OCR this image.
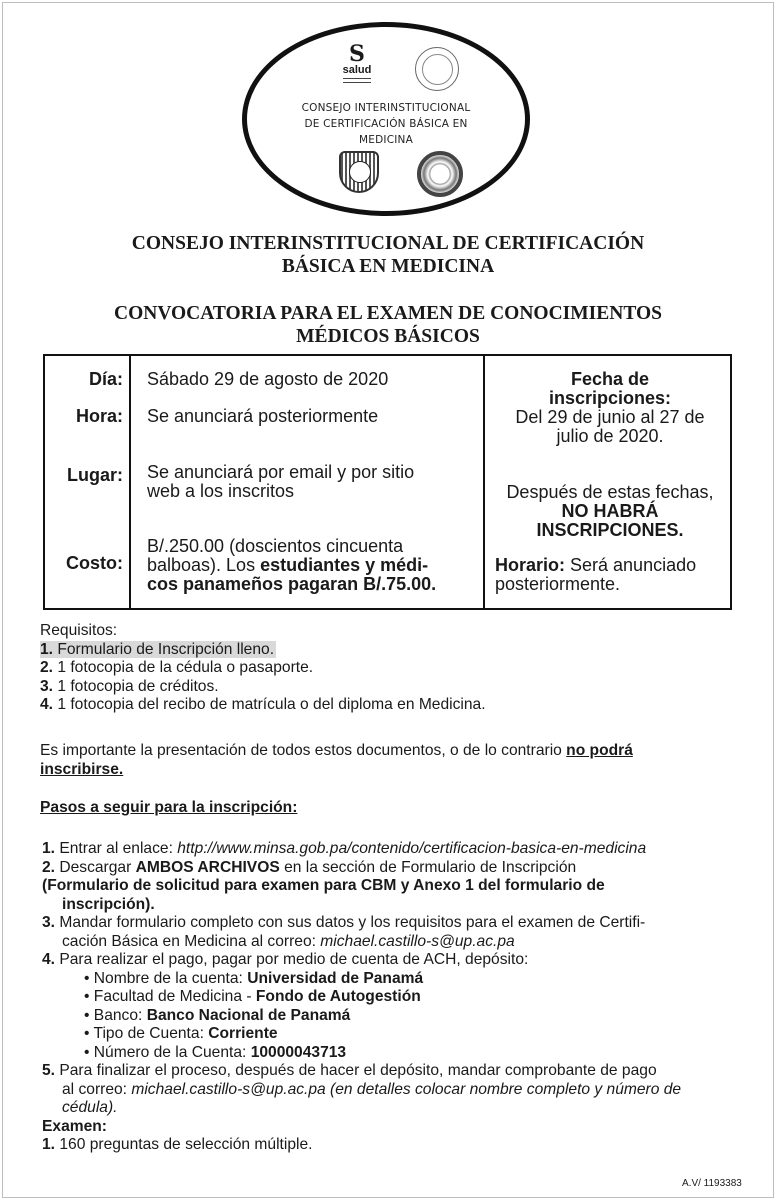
S
salud
CONSEJO INTERINSTITUCIONAL
DE CERTIFICACIÓN BÁSICA EN
MEDICINA
CONSEJO INTERINSTITUCIONAL DE CERTIFICACIÓN
BÁSICA EN MEDICINA
CONVOCATORIA PARA EL EXAMEN DE CONOCIMIENTOS
MÉDICOS BÁSICOS
Día: Sábado 29 de agosto de 2020
Hora: Se anunciará posteriormente
Lugar: Se anunciará por email y por sitio
web a los inscritos
Costo:
B/.250.00 (doscientos cincuenta
balboas). Los estudiantes y médi-
cos panameños pagaran B/.75.00.
Fecha de
inscripciones:
Del 29 de junio al 27 de
julio de 2020.
Después de estas fechas,
NO HABRÁ
INSCRIPCIONES.
Horario: Será anunciado
posteriormente.
Requisitos:
1. Formulario de Inscripción lleno.
2. 1 fotocopia de la cédula o pasaporte.
3. 1 fotocopia de créditos.
4. 1 fotocopia del recibo de matrícula o del diploma en Medicina.
Es importante la presentación de todos estos documentos, o de lo contrario no podrá
inscribirse.
Pasos a seguir para la inscripción:
1. Entrar al enlace: http://www.minsa.gob.pa/contenido/certificacion-basica-en-medicina
2. Descargar AMBOS ARCHIVOS en la sección de Formulario de Inscripción
(Formulario de solicitud para examen para CBM y Anexo 1 del formulario de
inscripción).
3. Mandar formulario completo con sus datos y los requisitos para el examen de Certifi-
cación Básica en Medicina al correo: michael.castillo-s@up.ac.pa
4. Para realizar el pago, pagar por medio de cuenta de ACH, depósito:
• Nombre de la cuenta: Universidad de Panamá
• Facultad de Medicina - Fondo de Autogestión
• Banco: Banco Nacional de Panamá
• Tipo de Cuenta: Corriente
• Número de la Cuenta: 10000043713
5. Para finalizar el proceso, después de hacer el depósito, mandar comprobante de pago
al correo: michael.castillo-s@up.ac.pa (en detalles colocar nombre completo y número de
cédula).
Examen:
1. 160 preguntas de selección múltiple.
A.V/ 1193383
